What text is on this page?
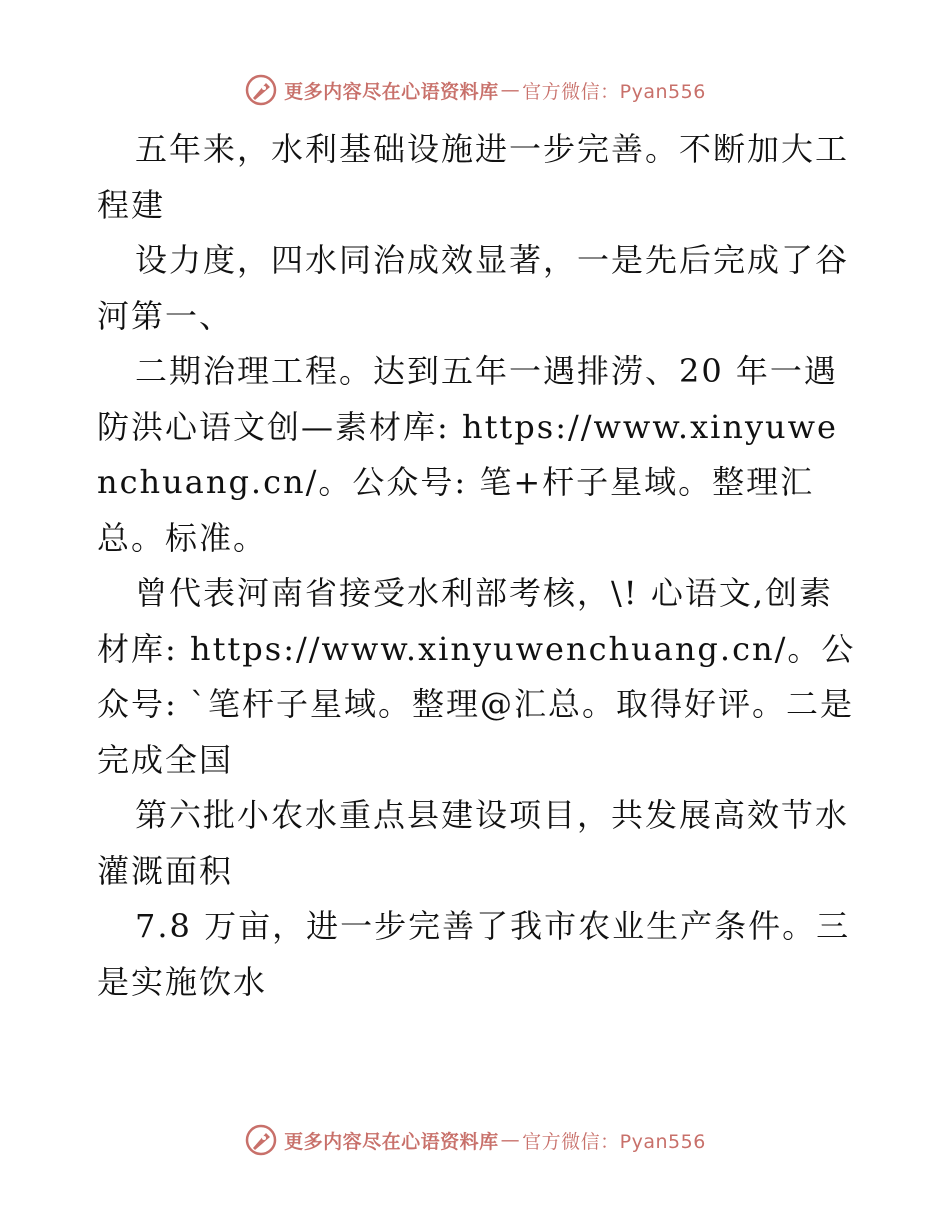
更多内容尽在心语资料库 — 官方微信：Pyan556

五年来，水利基础设施进一步完善。不断加大工程建

设力度，四水同治成效显著，一是先后完成了谷河第一、

二期治理工程。达到五年一遇排涝、20 年一遇防洪心语文创—素材库: https://www.xinyuwenchuang.cn/。公众号: 笔+杆子星域。整理汇总。标准。

曾代表河南省接受水利部考核，\! 心语文,创素材库: https://www.xinyuwenchuang.cn/。公众号: `笔杆子星域。整理@汇总。取得好评。二是完成全国

第六批小农水重点县建设项目，共发展高效节水灌溉面积

7.8 万亩，进一步完善了我市农业生产条件。三是实施饮水

更多内容尽在心语资料库 — 官方微信：Pyan556
